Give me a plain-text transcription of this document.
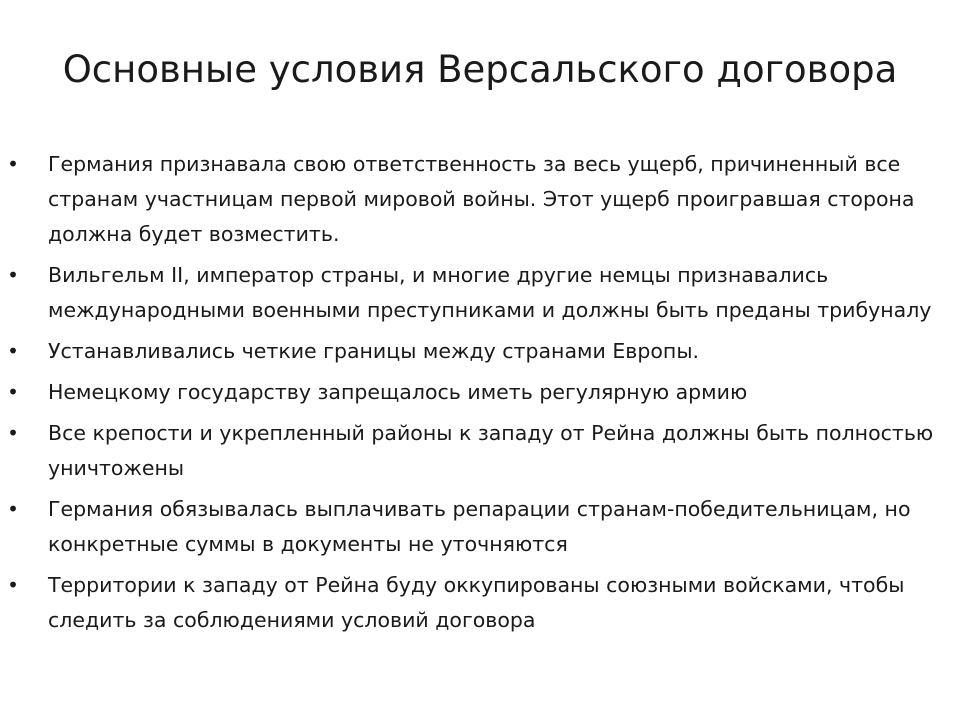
Основные условия Версальского договора
• Германия признавала свою ответственность за весь ущерб, причиненный все странам участницам первой мировой войны. Этот ущерб проигравшая сторона должна будет возместить.
• Вильгельм II, император страны, и многие другие немцы признавались международными военными преступниками и должны быть преданы трибуналу
• Устанавливались четкие границы между странами Европы.
• Немецкому государству запрещалось иметь регулярную армию
• Все крепости и укрепленный районы к западу от Рейна должны быть полностью уничтожены
• Германия обязывалась выплачивать репарации странам-победительницам, но конкретные суммы в документы не уточняются
• Территории к западу от Рейна буду оккупированы союзными войсками, чтобы следить за соблюдениями условий договора
